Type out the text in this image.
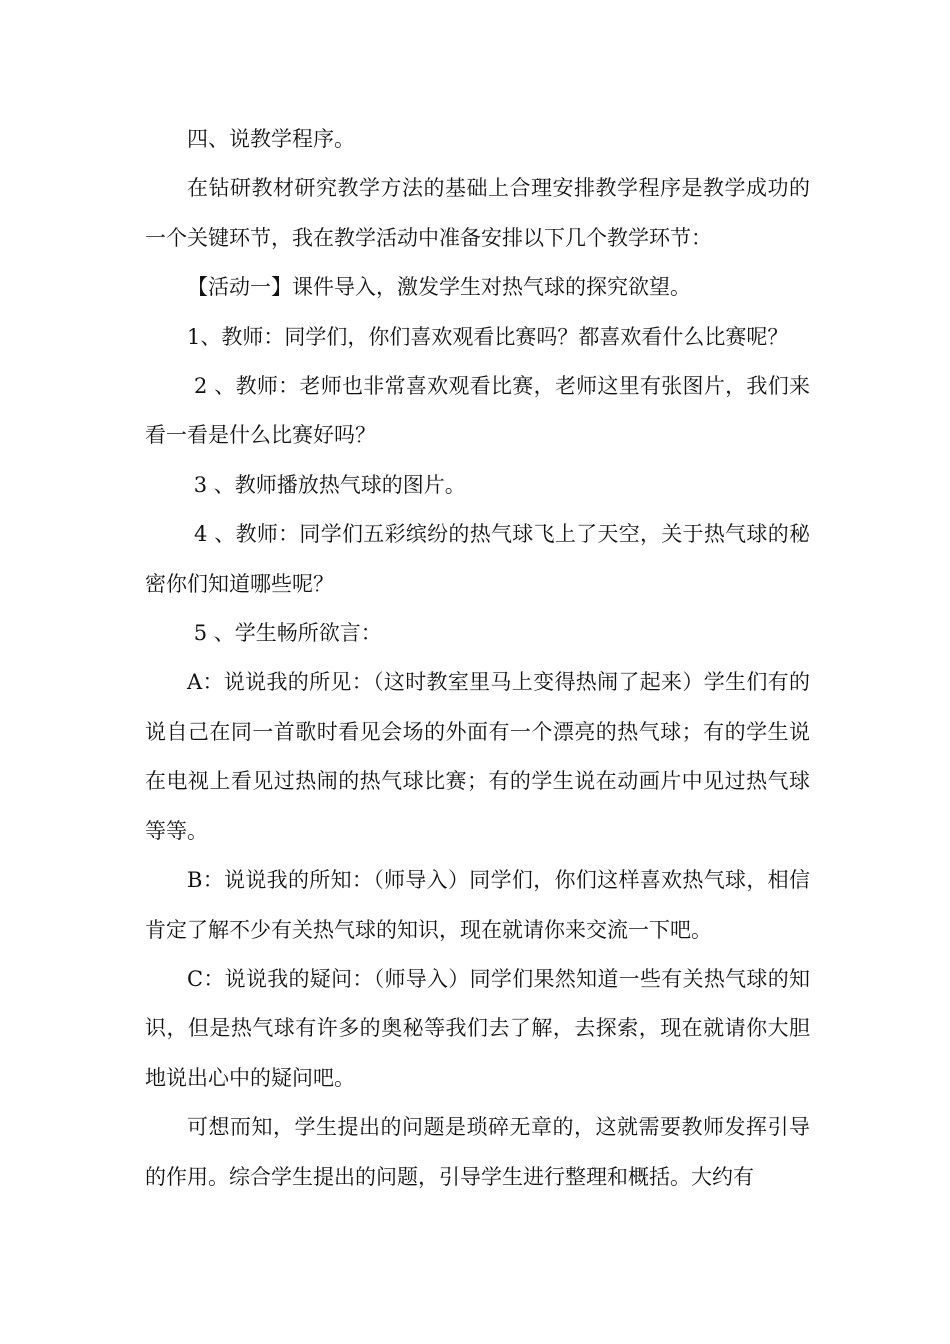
四、说教学程序。

在钻研教材研究教学方法的基础上合理安排教学程序是教学成功的一个关键环节，我在教学活动中准备安排以下几个教学环节：

【活动一】课件导入，激发学生对热气球的探究欲望。

1、教师：同学们，你们喜欢观看比赛吗？都喜欢看什么比赛呢？

2 、教师：老师也非常喜欢观看比赛，老师这里有张图片，我们来看一看是什么比赛好吗？

3 、教师播放热气球的图片。

4 、教师：同学们五彩缤纷的热气球飞上了天空，关于热气球的秘密你们知道哪些呢？

5 、学生畅所欲言：

A：说说我的所见：（这时教室里马上变得热闹了起来）学生们有的说自己在同一首歌时看见会场的外面有一个漂亮的热气球；有的学生说在电视上看见过热闹的热气球比赛；有的学生说在动画片中见过热气球等等。

B：说说我的所知：（师导入）同学们，你们这样喜欢热气球，相信肯定了解不少有关热气球的知识，现在就请你来交流一下吧。

C：说说我的疑问：（师导入）同学们果然知道一些有关热气球的知识，但是热气球有许多的奥秘等我们去了解，去探索，现在就请你大胆地说出心中的疑问吧。

可想而知，学生提出的问题是琐碎无章的，这就需要教师发挥引导的作用。综合学生提出的问题，引导学生进行整理和概括。大约有
